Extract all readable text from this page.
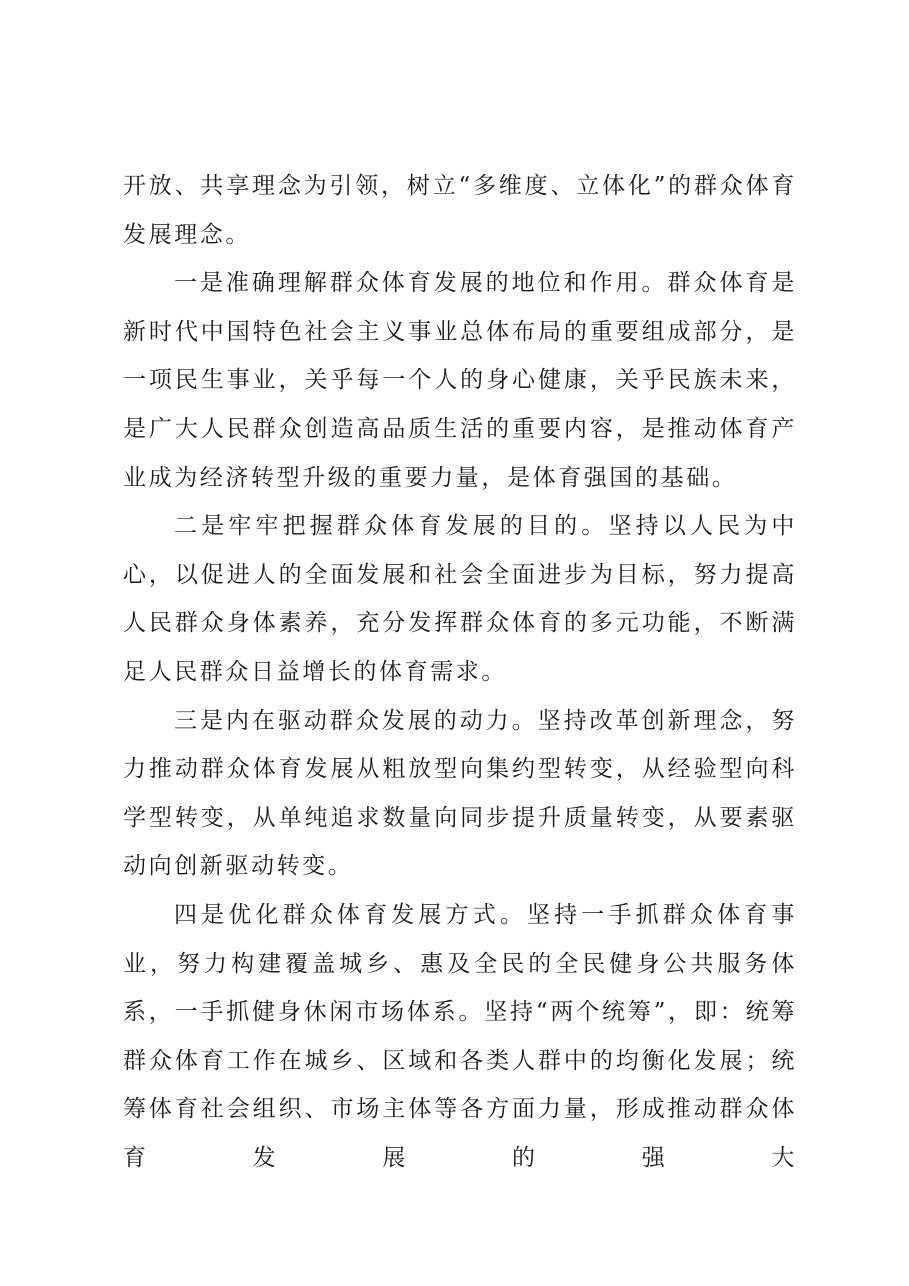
开放、共享理念为引领，树立“多维度、立体化”的群众体育发展理念。

一是准确理解群众体育发展的地位和作用。群众体育是新时代中国特色社会主义事业总体布局的重要组成部分，是一项民生事业，关乎每一个人的身心健康，关乎民族未来，是广大人民群众创造高品质生活的重要内容，是推动体育产业成为经济转型升级的重要力量，是体育强国的基础。

二是牢牢把握群众体育发展的目的。坚持以人民为中心，以促进人的全面发展和社会全面进步为目标，努力提高人民群众身体素养，充分发挥群众体育的多元功能，不断满足人民群众日益增长的体育需求。

三是内在驱动群众发展的动力。坚持改革创新理念，努力推动群众体育发展从粗放型向集约型转变，从经验型向科学型转变，从单纯追求数量向同步提升质量转变，从要素驱动向创新驱动转变。

四是优化群众体育发展方式。坚持一手抓群众体育事业，努力构建覆盖城乡、惠及全民的全民健身公共服务体系，一手抓健身休闲市场体系。坚持“两个统筹”，即：统筹群众体育工作在城乡、区域和各类人群中的均衡化发展；统筹体育社会组织、市场主体等各方面力量，形成推动群众体育发展的强大
